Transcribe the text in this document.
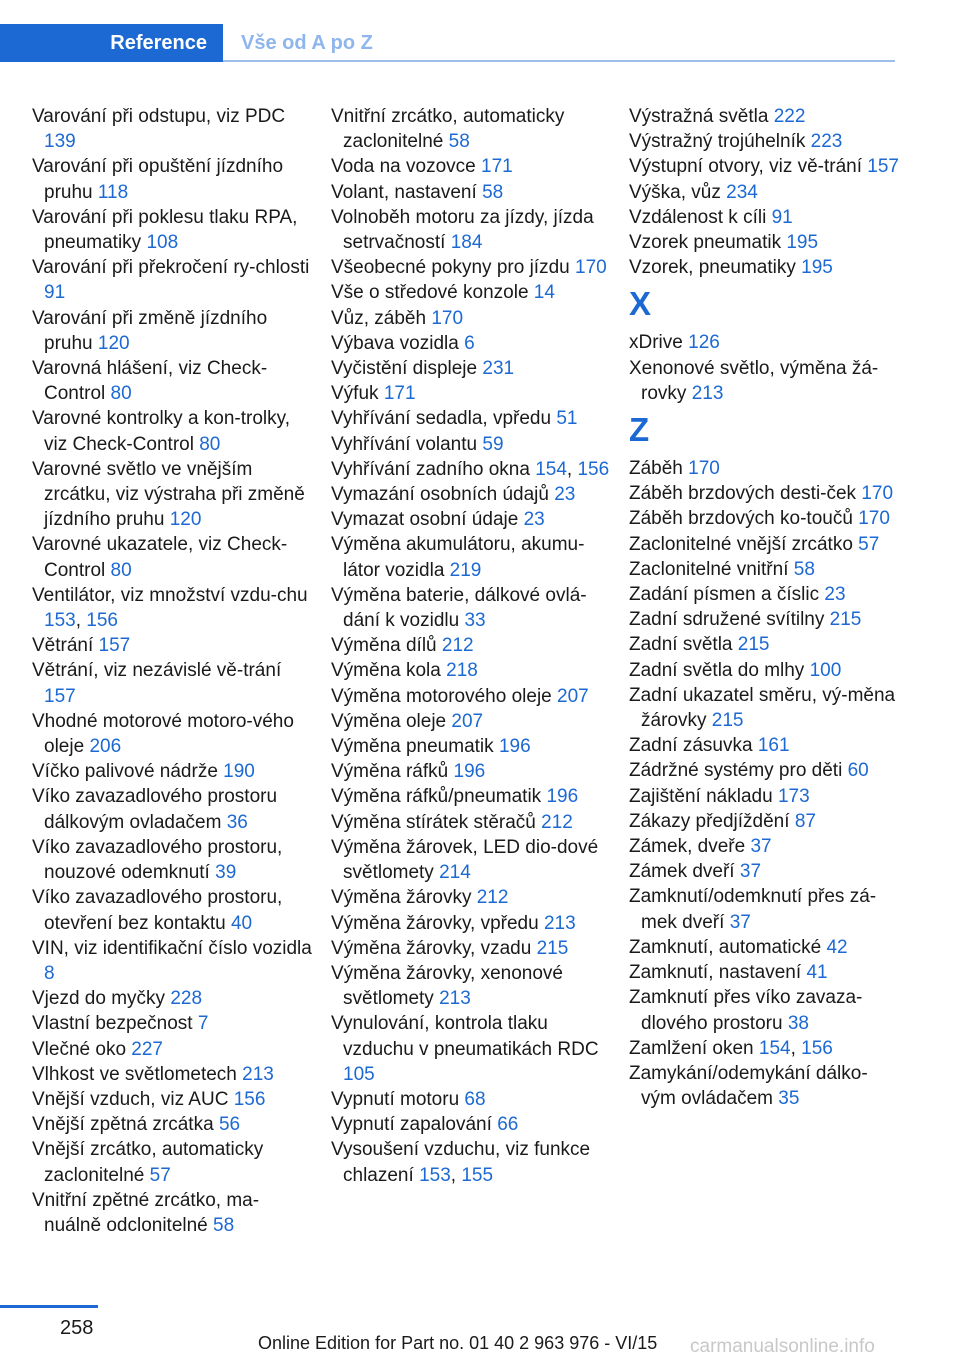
Reference	Vše od A po Z
Varování při odstupu, viz PDC 139
Varování při opuštění jízdního pruhu 118
Varování při poklesu tlaku RPA, pneumatiky 108
Varování při překročení ry‐chlosti 91
Varování při změně jízdního pruhu 120
Varovná hlášení, viz Check-Control 80
Varovné kontrolky a kon‐trolky, viz Check-Control 80
Varovné světlo ve vnějším zrcátku, viz výstraha při změně jízdního pruhu 120
Varovné ukazatele, viz Check-Control 80
Ventilátor, viz množství vzdu‐chu 153, 156
Větrání 157
Větrání, viz nezávislé vě‐trání 157
Vhodné motorové motoro‐vého oleje 206
Víčko palivové nádrže 190
Víko zavazadlového prostoru dálkovým ovladačem 36
Víko zavazadlového prostoru, nouzové odemknutí 39
Víko zavazadlového prostoru, otevření bez kontaktu 40
VIN, viz identifikační číslo vozidla 8
Vjezd do myčky 228
Vlastní bezpečnost 7
Vlečné oko 227
Vlhkost ve světlometech 213
Vnější vzduch, viz AUC 156
Vnější zpětná zrcátka 56
Vnější zrcátko, automaticky zaclonitelné 57
Vnitřní zpětné zrcátko, ma‐nuálně odclonitelné 58
Vnitřní zrcátko, automaticky zaclonitelné 58
Voda na vozovce 171
Volant, nastavení 58
Volnoběh motoru za jízdy, jízda setrvačností 184
Všeobecné pokyny pro jízdu 170
Vše o středové konzole 14
Vůz, záběh 170
Výbava vozidla 6
Vyčistění displeje 231
Výfuk 171
Vyhřívání sedadla, vpředu 51
Vyhřívání volantu 59
Vyhřívání zadního okna 154, 156
Vymazání osobních údajů 23
Vymazat osobní údaje 23
Výměna akumulátoru, akumu‐látor vozidla 219
Výměna baterie, dálkové ovlá‐dání k vozidlu 33
Výměna dílů 212
Výměna kola 218
Výměna motorového oleje 207
Výměna oleje 207
Výměna pneumatik 196
Výměna ráfků 196
Výměna ráfků/pneumatik 196
Výměna stírátek stěračů 212
Výměna žárovek, LED dio‐dové světlomety 214
Výměna žárovky 212
Výměna žárovky, vpředu 213
Výměna žárovky, vzadu 215
Výměna žárovky, xenonové světlomety 213
Vynulování, kontrola tlaku vzduchu v pneumatikách RDC 105
Vypnutí motoru 68
Vypnutí zapalování 66
Vysoušení vzduchu, viz funkce chlazení 153, 155
Výstražná světla 222
Výstražný trojúhelník 223
Výstupní otvory, viz vě‐trání 157
Výška, vůz 234
Vzdálenost k cíli 91
Vzorek pneumatik 195
Vzorek, pneumatiky 195
X
xDrive 126
Xenonové světlo, výměna žá‐rovky 213
Z
Záběh 170
Záběh brzdových desti‐ček 170
Záběh brzdových ko‐toučů 170
Zaclonitelné vnější zrcátko 57
Zaclonitelné vnitřní 58
Zadání písmen a číslic 23
Zadní sdružené svítilny 215
Zadní světla 215
Zadní světla do mlhy 100
Zadní ukazatel směru, vý‐měna žárovky 215
Zadní zásuvka 161
Zádržné systémy pro děti 60
Zajištění nákladu 173
Zákazy předjíždění 87
Zámek, dveře 37
Zámek dveří 37
Zamknutí/odemknutí přes zá‐mek dveří 37
Zamknutí, automatické 42
Zamknutí, nastavení 41
Zamknutí přes víko zavaza‐dlového prostoru 38
Zamlžení oken 154, 156
Zamykání/odemykání dálko‐vým ovládačem 35
258
Online Edition for Part no. 01 40 2 963 976 - VI/15 carmanualsonline.info
